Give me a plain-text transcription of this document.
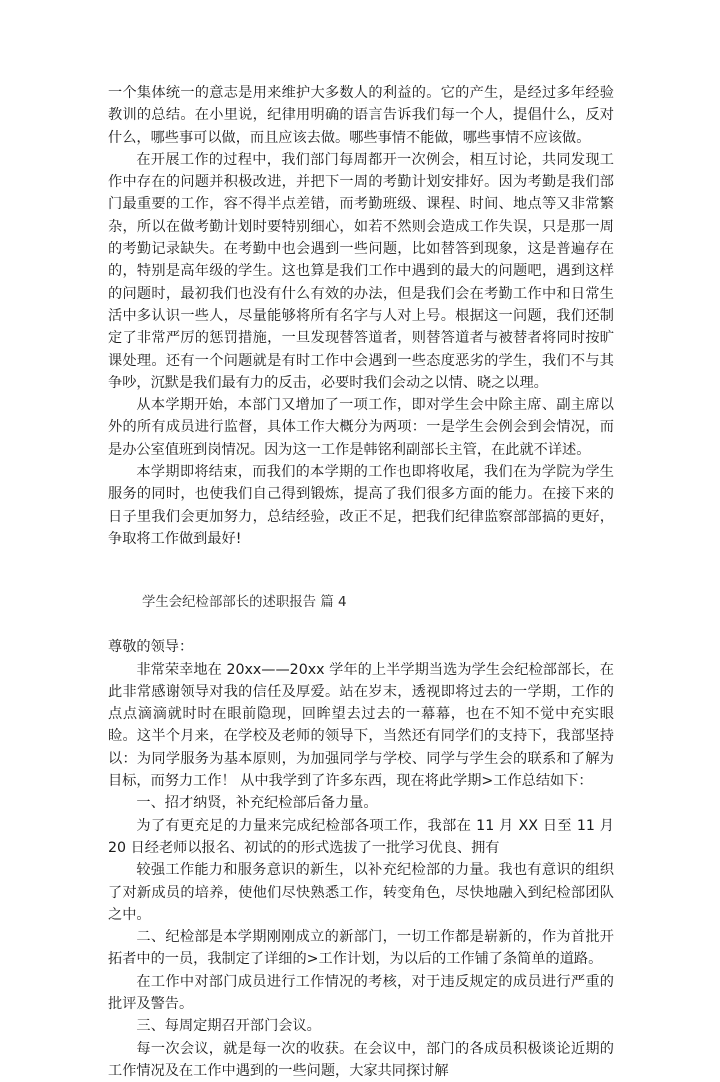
一个集体统一的意志是用来维护大多数人的利益的。它的产生，是经过多年经验教训的总结。在小里说，纪律用明确的语言告诉我们每一个人，提倡什么，反对什么，哪些事可以做，而且应该去做。哪些事情不能做，哪些事情不应该做。

在开展工作的过程中，我们部门每周都开一次例会，相互讨论，共同发现工作中存在的问题并积极改进，并把下一周的考勤计划安排好。因为考勤是我们部门最重要的工作，容不得半点差错，而考勤班级、课程、时间、地点等又非常繁杂，所以在做考勤计划时要特别细心，如若不然则会造成工作失误，只是那一周的考勤记录缺失。在考勤中也会遇到一些问题，比如替答到现象，这是普遍存在的，特别是高年级的学生。这也算是我们工作中遇到的最大的问题吧，遇到这样的问题时，最初我们也没有什么有效的办法，但是我们会在考勤工作中和日常生活中多认识一些人，尽量能够将所有名字与人对上号。根据这一问题，我们还制定了非常严厉的惩罚措施，一旦发现替答道者，则替答道者与被替者将同时按旷课处理。还有一个问题就是有时工作中会遇到一些态度恶劣的学生，我们不与其争吵，沉默是我们最有力的反击，必要时我们会动之以情、晓之以理。

从本学期开始，本部门又增加了一项工作，即对学生会中除主席、副主席以外的所有成员进行监督，具体工作大概分为两项：一是学生会例会到会情况，而是办公室值班到岗情况。因为这一工作是韩铭利副部长主管，在此就不详述。

本学期即将结束，而我们的本学期的工作也即将收尾，我们在为学院为学生服务的同时，也使我们自己得到锻炼，提高了我们很多方面的能力。在接下来的日子里我们会更加努力，总结经验，改正不足，把我们纪律监察部部搞的更好，争取将工作做到最好!

学生会纪检部部长的述职报告 篇 4

尊敬的领导：

非常荣幸地在 20xx——20xx 学年的上半学期当选为学生会纪检部部长，在此非常感谢领导对我的信任及厚爱。站在岁末，透视即将过去的一学期，工作的点点滴滴就时时在眼前隐现，回眸望去过去的一幕幕，也在不知不觉中充实眼睑。这半个月来，在学校及老师的领导下，当然还有同学们的支持下，我部坚持以：为同学服务为基本原则，为加强同学与学校、同学与学生会的联系和了解为目标，而努力工作！ 从中我学到了许多东西，现在将此学期>工作总结如下：

一、招才纳贤，补充纪检部后备力量。

为了有更充足的力量来完成纪检部各项工作，我部在 11 月 XX 日至 11 月 20 日经老师以报名、初试的的形式选拔了一批学习优良、拥有

较强工作能力和服务意识的新生，以补充纪检部的力量。我也有意识的组织了对新成员的培养，使他们尽快熟悉工作，转变角色，尽快地融入到纪检部团队之中。

二、纪检部是本学期刚刚成立的新部门，一切工作都是崭新的，作为首批开拓者中的一员，我制定了详细的>工作计划，为以后的工作铺了条简单的道路。

在工作中对部门成员进行工作情况的考核，对于违反规定的成员进行严重的批评及警告。

三、每周定期召开部门会议。

每一次会议，就是每一次的收获。在会议中，部门的各成员积极谈论近期的工作情况及在工作中遇到的一些问题，大家共同探讨解
